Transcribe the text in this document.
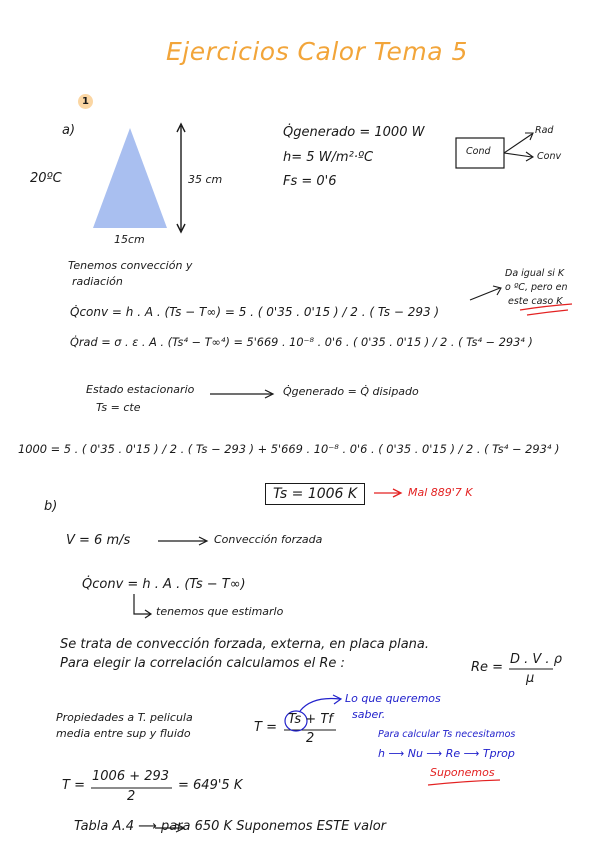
Ejercicios Calor Tema 5
1
a)
20ºC	35 cm
15cm
Q̇generado = 1000 W
h= 5 W/m²·ºC
Fs = 0'6
Cond
Rad
Conv
Tenemos convección y
radiación
Da igual si K
o ºC, pero en
este caso K
Q̇conv = h . A . (Ts − T∞) = 5 . ( 0'35 . 0'15 ) / 2 . ( Ts − 293 )
Q̇rad = σ . ε . A . (Ts⁴ − T∞⁴) = 5'669 . 10⁻⁸ . 0'6 . ( 0'35 . 0'15 ) / 2 . ( Ts⁴ − 293⁴ )
Estado estacionario
Ts = cte
Q̇generado = Q̇ disipado
1000 = 5 . ( 0'35 . 0'15 ) / 2 . ( Ts − 293 ) + 5'669 . 10⁻⁸ . 0'6 . ( 0'35 . 0'15 ) / 2 . ( Ts⁴ − 293⁴ )
Ts = 1006 K	Mal 889'7 K
b)
V = 6 m/s	Convección forzada
Q̇conv = h . A . (Ts − T∞)
tenemos que estimarlo
Se trata de convección forzada, externa, en placa plana.
Para elegir la correlación calculamos el Re :	Re =
D . V . ρ
μ
Propiedades a T. pelicula
media entre sup y fluido	T =
Ts + Tf
2
Lo que queremos
saber.
Para calcular Ts necesitamos
h ⟶ Nu ⟶ Re ⟶ Tprop
Suponemos
T =
1006 + 293
2
= 649'5 K
Tabla A.4 ⟶ para 650 K Suponemos ESTE valor
